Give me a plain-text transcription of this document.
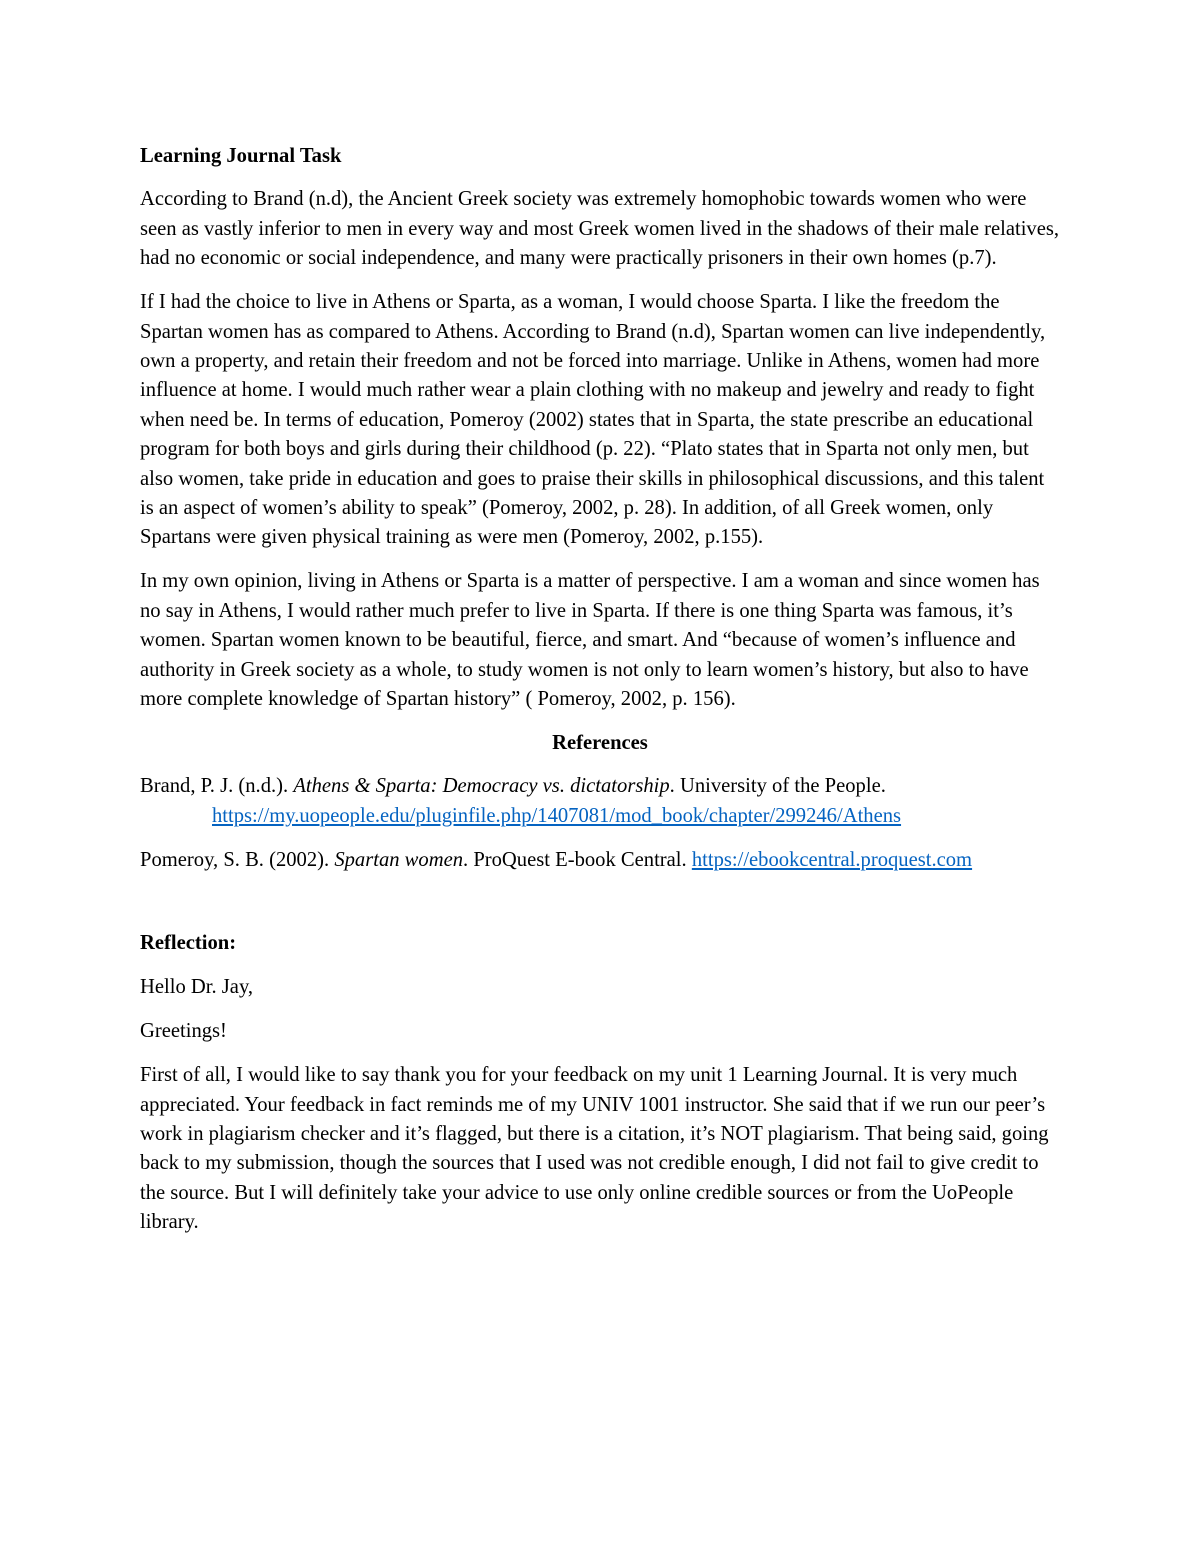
Learning Journal Task

According to Brand (n.d), the Ancient Greek society was extremely homophobic towards women who were seen as vastly inferior to men in every way and most Greek women lived in the shadows of their male relatives, had no economic or social independence, and many were practically prisoners in their own homes (p.7).

If I had the choice to live in Athens or Sparta, as a woman, I would choose Sparta. I like the freedom the Spartan women has as compared to Athens. According to Brand (n.d), Spartan women can live independently, own a property, and retain their freedom and not be forced into marriage. Unlike in Athens, women had more influence at home. I would much rather wear a plain clothing with no makeup and jewelry and ready to fight when need be. In terms of education, Pomeroy (2002) states that in Sparta, the state prescribe an educational program for both boys and girls during their childhood (p. 22). “Plato states that in Sparta not only men, but also women, take pride in education and goes to praise their skills in philosophical discussions, and this talent is an aspect of women’s ability to speak” (Pomeroy, 2002, p. 28). In addition, of all Greek women, only Spartans were given physical training as were men (Pomeroy, 2002, p.155).

In my own opinion, living in Athens or Sparta is a matter of perspective. I am a woman and since women has no say in Athens, I would rather much prefer to live in Sparta. If there is one thing Sparta was famous, it’s women. Spartan women known to be beautiful, fierce, and smart. And “because of women’s influence and authority in Greek society as a whole, to study women is not only to learn women’s history, but also to have more complete knowledge of Spartan history” ( Pomeroy, 2002, p. 156).

References
Brand, P. J. (n.d.). Athens & Sparta: Democracy vs. dictatorship. University of the People. https://my.uopeople.edu/pluginfile.php/1407081/mod_book/chapter/299246/Athens
Pomeroy, S. B. (2002). Spartan women. ProQuest E-book Central. https://ebookcentral.proquest.com
Reflection:

Hello Dr. Jay,

Greetings!

First of all, I would like to say thank you for your feedback on my unit 1 Learning Journal. It is very much appreciated. Your feedback in fact reminds me of my UNIV 1001 instructor. She said that if we run our peer’s work in plagiarism checker and it’s flagged, but there is a citation, it’s NOT plagiarism. That being said, going back to my submission, though the sources that I used was not credible enough, I did not fail to give credit to the source. But I will definitely take your advice to use only online credible sources or from the UoPeople library.
